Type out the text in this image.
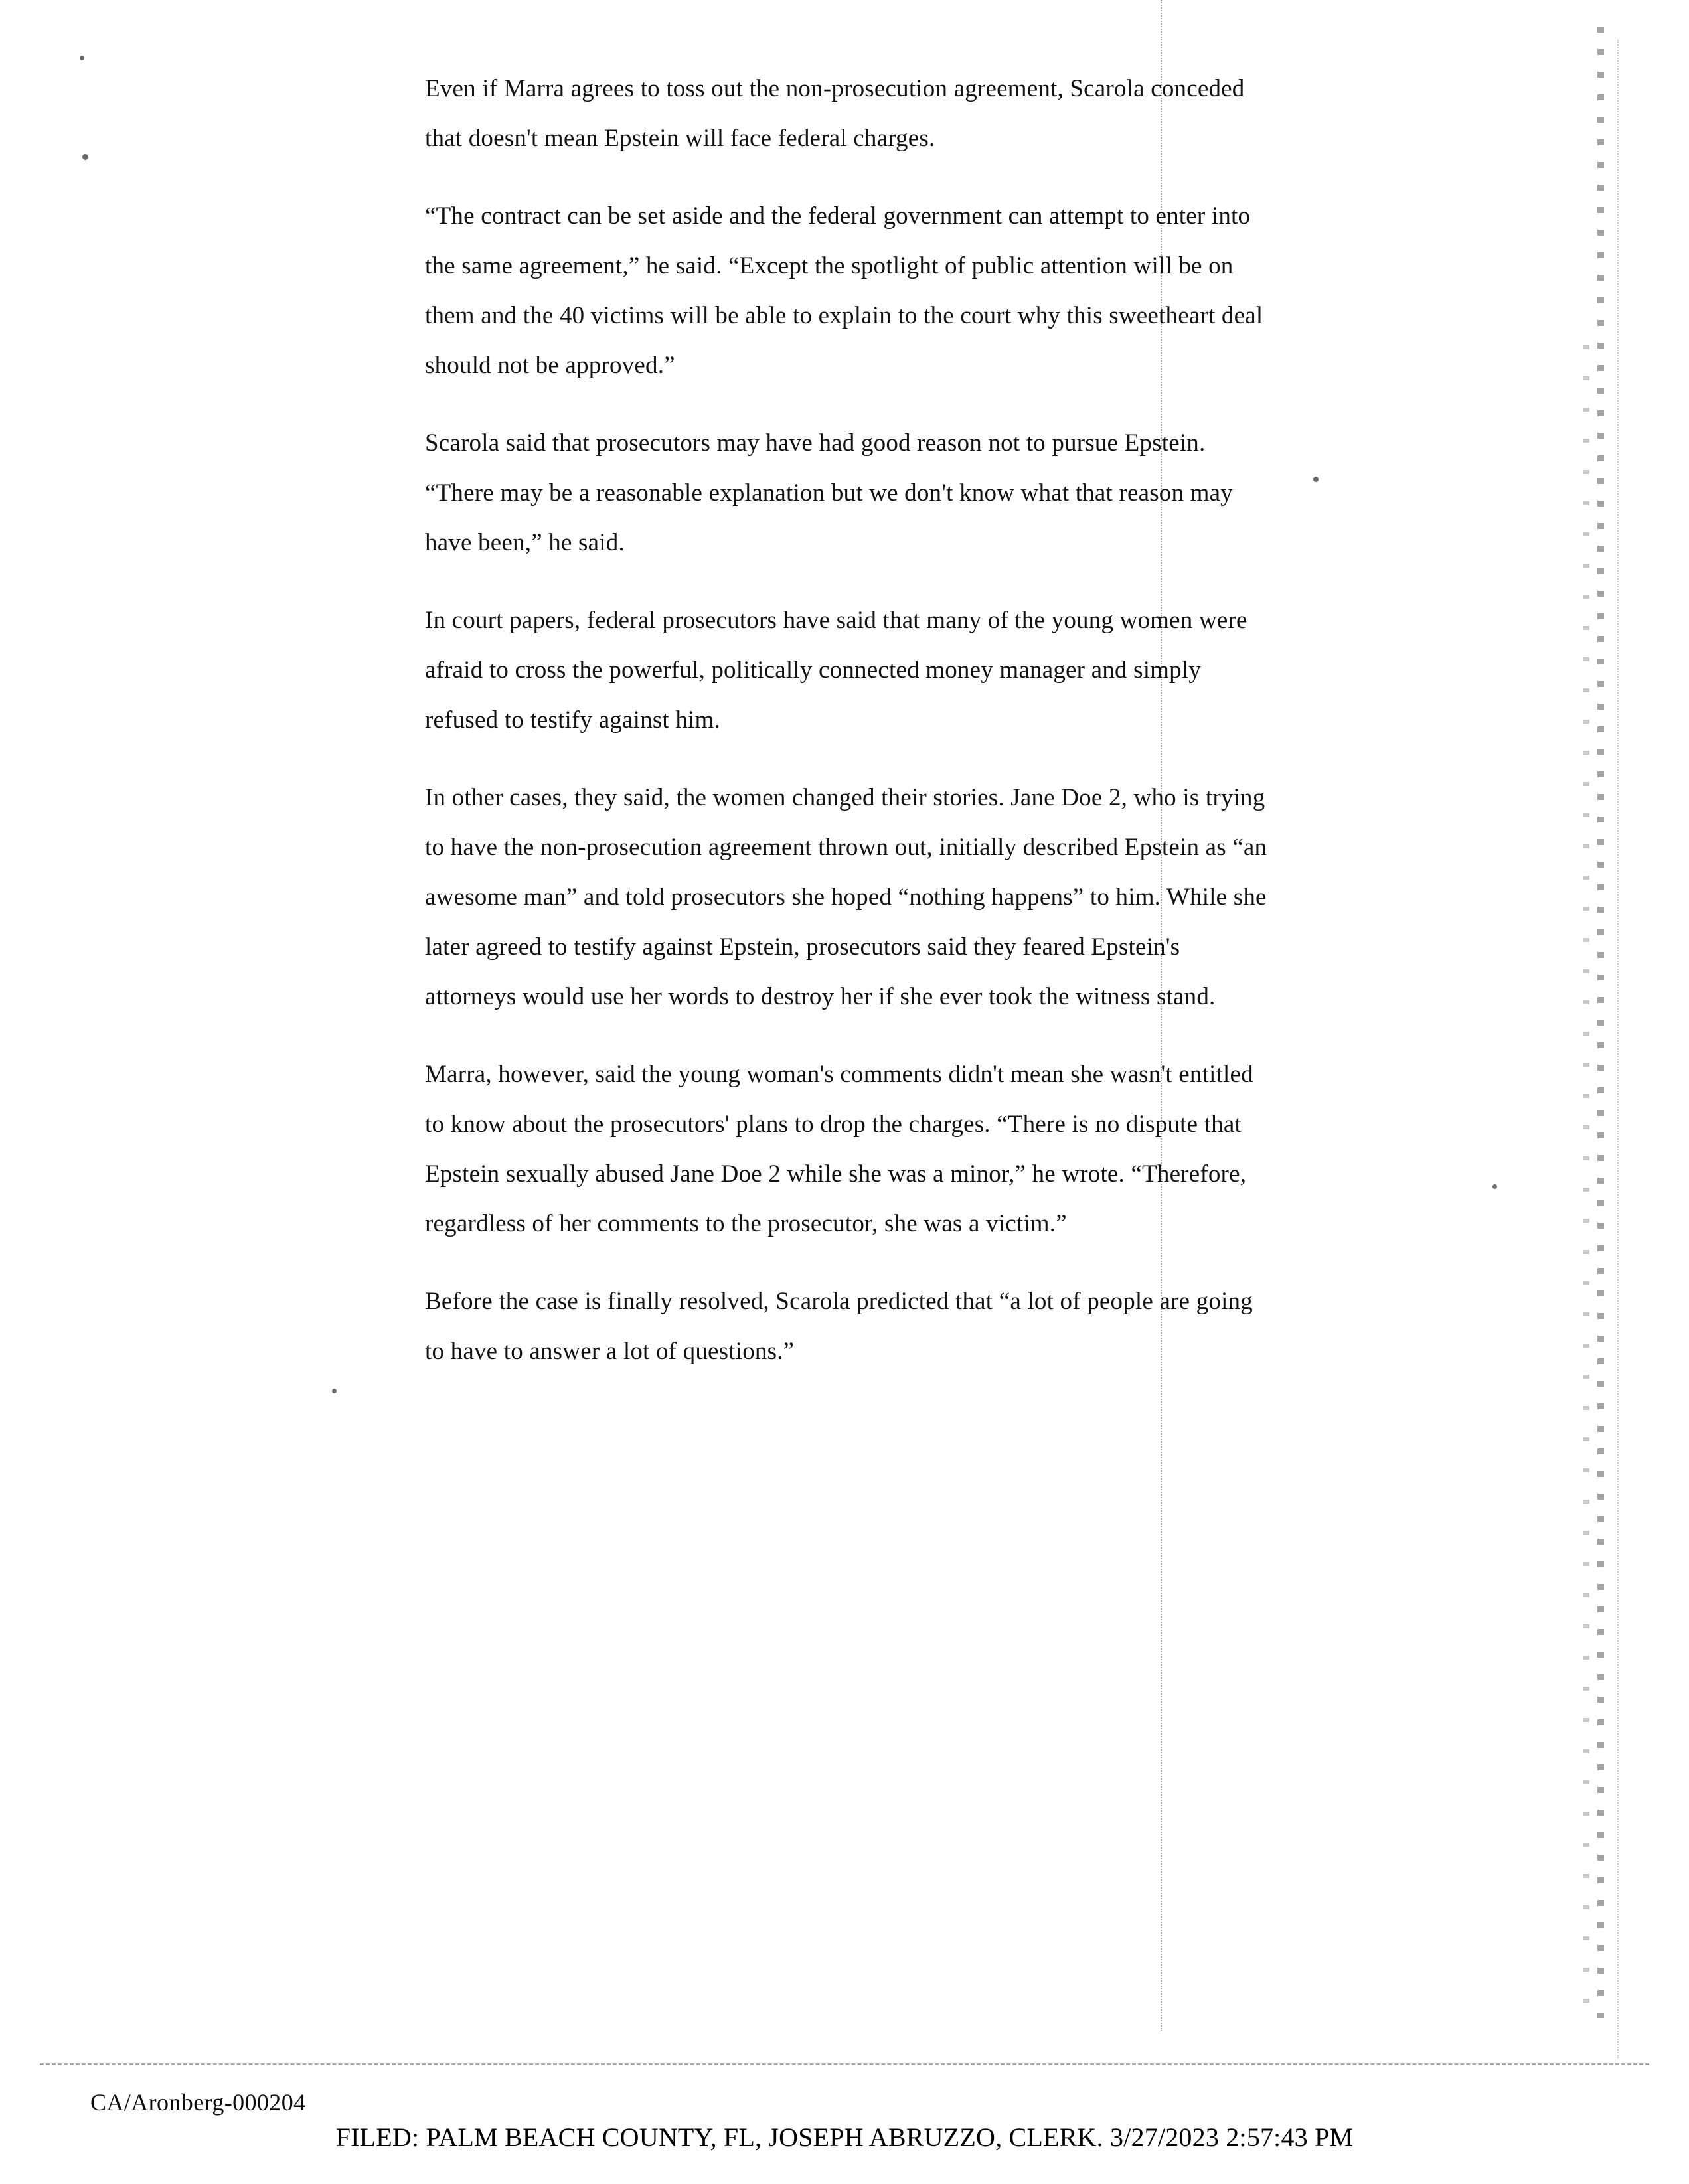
Even if Marra agrees to toss out the non-prosecution agreement, Scarola conceded that doesn't mean Epstein will face federal charges.

“The contract can be set aside and the federal government can attempt to enter into the same agreement,” he said. “Except the spotlight of public attention will be on them and the 40 victims will be able to explain to the court why this sweetheart deal should not be approved.”

Scarola said that prosecutors may have had good reason not to pursue Epstein. “There may be a reasonable explanation but we don't know what that reason may have been,” he said.

In court papers, federal prosecutors have said that many of the young women were afraid to cross the powerful, politically connected money manager and simply refused to testify against him.

In other cases, they said, the women changed their stories. Jane Doe 2, who is trying to have the non-prosecution agreement thrown out, initially described Epstein as “an awesome man” and told prosecutors she hoped “nothing happens” to him. While she later agreed to testify against Epstein, prosecutors said they feared Epstein's attorneys would use her words to destroy her if she ever took the witness stand.

Marra, however, said the young woman's comments didn't mean she wasn't entitled to know about the prosecutors' plans to drop the charges. “There is no dispute that Epstein sexually abused Jane Doe 2 while she was a minor,” he wrote. “Therefore, regardless of her comments to the prosecutor, she was a victim.”

Before the case is finally resolved, Scarola predicted that “a lot of people are going to have to answer a lot of questions.”

CA/Aronberg-000204
FILED: PALM BEACH COUNTY, FL, JOSEPH ABRUZZO, CLERK. 3/27/2023 2:57:43 PM
